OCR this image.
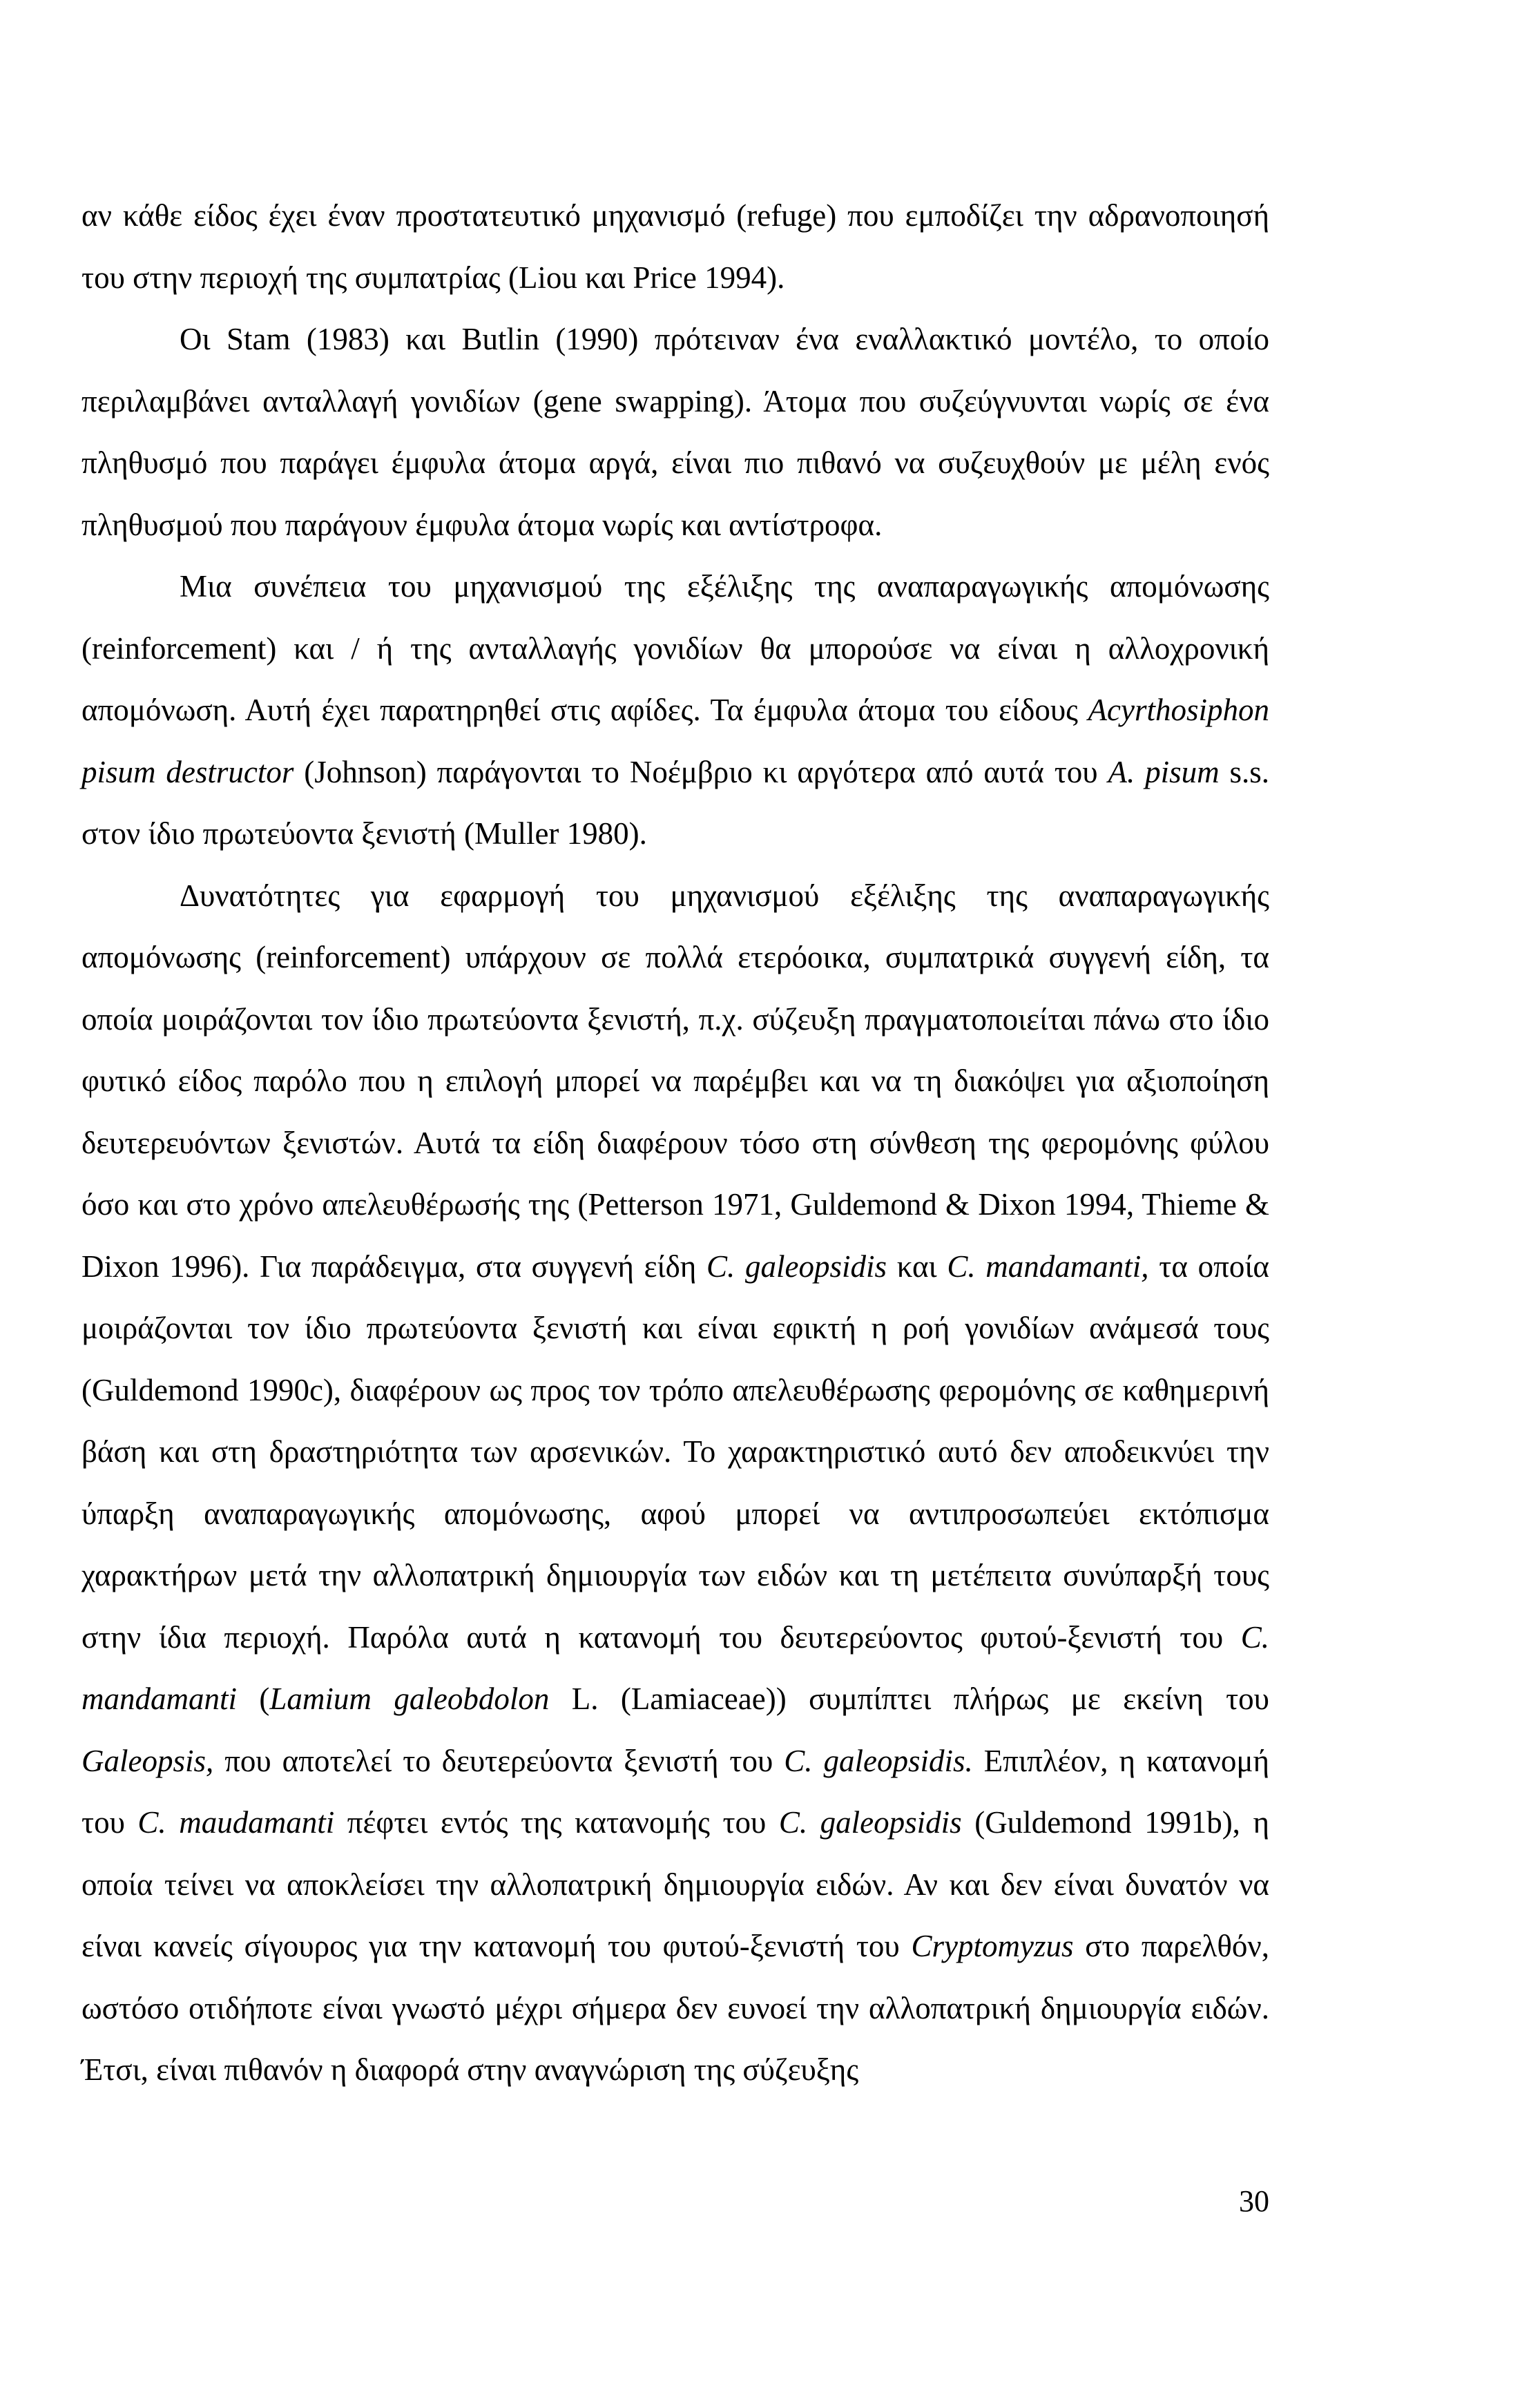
αν κάθε είδος έχει έναν προστατευτικό μηχανισμό (refuge) που εμποδίζει την αδρανοποιησή του στην περιοχή της συμπατρίας (Liou και Price 1994).

Οι Stam (1983) και Butlin (1990) πρότειναν ένα εναλλακτικό μοντέλο, το οποίο περιλαμβάνει ανταλλαγή γονιδίων (gene swapping). Άτομα που συζεύγνυνται νωρίς σε ένα πληθυσμό που παράγει έμφυλα άτομα αργά, είναι πιο πιθανό να συζευχθούν με μέλη ενός πληθυσμού που παράγουν έμφυλα άτομα νωρίς και αντίστροφα.

Μια συνέπεια του μηχανισμού της εξέλιξης της αναπαραγωγικής απομόνωσης (reinforcement) και / ή της ανταλλαγής γονιδίων θα μπορούσε να είναι η αλλοχρονική απομόνωση. Αυτή έχει παρατηρηθεί στις αφίδες. Τα έμφυλα άτομα του είδους Acyrthosiphon pisum destructor (Johnson) παράγονται το Νοέμβριο κι αργότερα από αυτά του A. pisum s.s. στον ίδιο πρωτεύοντα ξενιστή (Muller 1980).

Δυνατότητες για εφαρμογή του μηχανισμού εξέλιξης της αναπαραγωγικής απομόνωσης (reinforcement) υπάρχουν σε πολλά ετερόοικα, συμπατρικά συγγενή είδη, τα οποία μοιράζονται τον ίδιο πρωτεύοντα ξενιστή, π.χ. σύζευξη πραγματοποιείται πάνω στο ίδιο φυτικό είδος παρόλο που η επιλογή μπορεί να παρέμβει και να τη διακόψει για αξιοποίηση δευτερευόντων ξενιστών. Αυτά τα είδη διαφέρουν τόσο στη σύνθεση της φερομόνης φύλου όσο και στο χρόνο απελευθέρωσής της (Petterson 1971, Guldemond & Dixon 1994, Thieme & Dixon 1996). Για παράδειγμα, στα συγγενή είδη C. galeopsidis και C. mandamanti, τα οποία μοιράζονται τον ίδιο πρωτεύοντα ξενιστή και είναι εφικτή η ροή γονιδίων ανάμεσά τους (Guldemond 1990c), διαφέρουν ως προς τον τρόπο απελευθέρωσης φερομόνης σε καθημερινή βάση και στη δραστηριότητα των αρσενικών. Το χαρακτηριστικό αυτό δεν αποδεικνύει την ύπαρξη αναπαραγωγικής απομόνωσης, αφού μπορεί να αντιπροσωπεύει εκτόπισμα χαρακτήρων μετά την αλλοπατρική δημιουργία των ειδών και τη μετέπειτα συνύπαρξή τους στην ίδια περιοχή. Παρόλα αυτά η κατανομή του δευτερεύοντος φυτού-ξενιστή του C. mandamanti (Lamium galeobdolon L. (Lamiaceae)) συμπίπτει πλήρως με εκείνη του Galeopsis, που αποτελεί το δευτερεύοντα ξενιστή του C. galeopsidis. Επιπλέον, η κατανομή του C. maudamanti πέφτει εντός της κατανομής του C. galeopsidis (Guldemond 1991b), η οποία τείνει να αποκλείσει την αλλοπατρική δημιουργία ειδών. Αν και δεν είναι δυνατόν να είναι κανείς σίγουρος για την κατανομή του φυτού-ξενιστή του Cryptomyzus στο παρελθόν, ωστόσο οτιδήποτε είναι γνωστό μέχρι σήμερα δεν ευνοεί την αλλοπατρική δημιουργία ειδών. Έτσι, είναι πιθανόν η διαφορά στην αναγνώριση της σύζευξης

30
